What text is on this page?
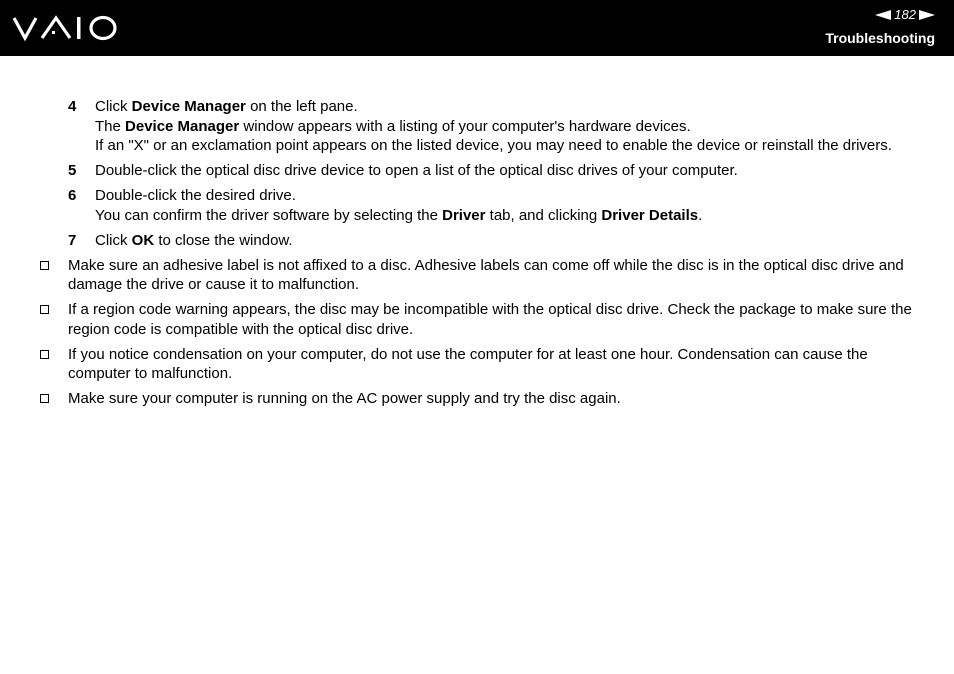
182
Troubleshooting
4 Click Device Manager on the left pane.
The Device Manager window appears with a listing of your computer's hardware devices.
If an "X" or an exclamation point appears on the listed device, you may need to enable the device or reinstall the drivers.
5 Double-click the optical disc drive device to open a list of the optical disc drives of your computer.
6 Double-click the desired drive.
You can confirm the driver software by selecting the Driver tab, and clicking Driver Details.
7 Click OK to close the window.
Make sure an adhesive label is not affixed to a disc. Adhesive labels can come off while the disc is in the optical disc drive and damage the drive or cause it to malfunction.
If a region code warning appears, the disc may be incompatible with the optical disc drive. Check the package to make sure the region code is compatible with the optical disc drive.
If you notice condensation on your computer, do not use the computer for at least one hour. Condensation can cause the computer to malfunction.
Make sure your computer is running on the AC power supply and try the disc again.
